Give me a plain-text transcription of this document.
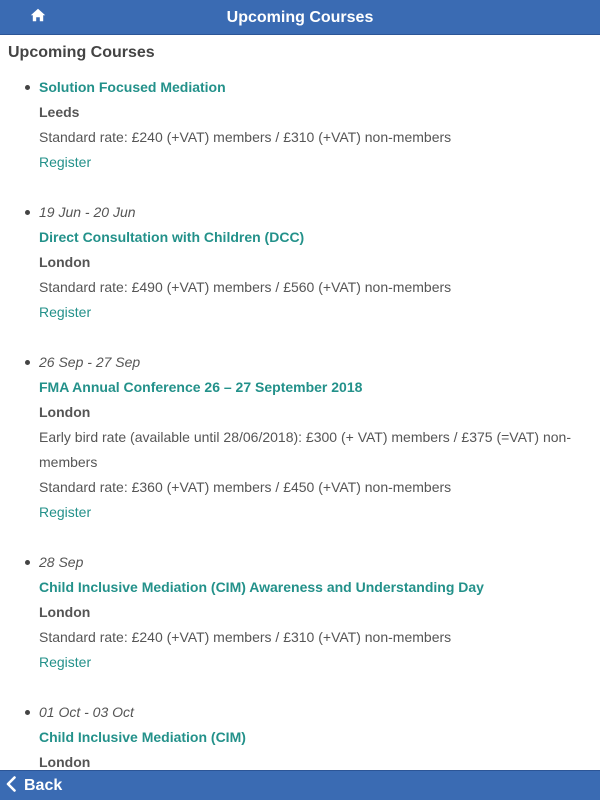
Upcoming Courses
Upcoming Courses
Solution Focused Mediation
Leeds
Standard rate: £240 (+VAT) members / £310 (+VAT) non-members
Register
19 Jun - 20 Jun
Direct Consultation with Children (DCC)
London
Standard rate: £490 (+VAT) members / £560 (+VAT) non-members
Register
26 Sep - 27 Sep
FMA Annual Conference 26 – 27 September 2018
London
Early bird rate (available until 28/06/2018): £300 (+ VAT) members / £375 (=VAT) non-members
Standard rate: £360 (+VAT) members / £450 (+VAT) non-members
Register
28 Sep
Child Inclusive Mediation (CIM) Awareness and Understanding Day
London
Standard rate: £240 (+VAT) members / £310 (+VAT) non-members
Register
01 Oct - 03 Oct
Child Inclusive Mediation (CIM)
London
Back
